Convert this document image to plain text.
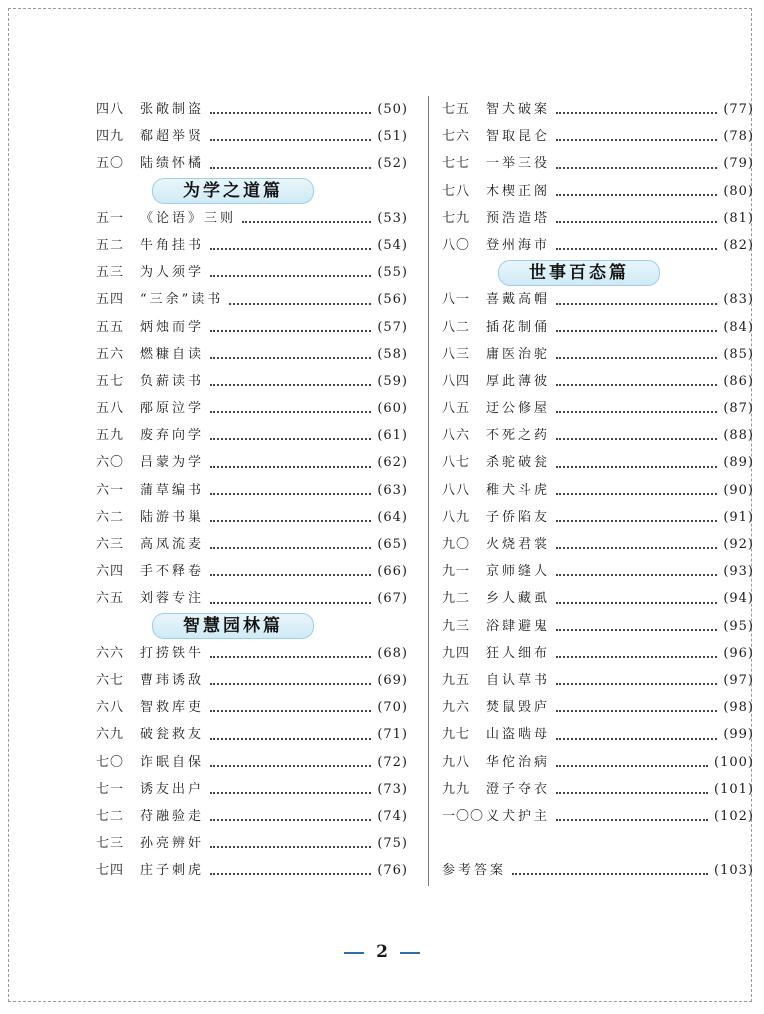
四八 张敞制盗	(50)
四九 郗超举贤	(51)
五〇 陆绩怀橘	(52)
为学之道篇
五一 《论语》三则	(53)
五二 牛角挂书	(54)
五三 为人须学	(55)
五四 “三余”读书	(56)
五五 炳烛而学	(57)
五六 燃糠自读	(58)
五七 负薪读书	(59)
五八 邴原泣学	(60)
五九 废弃向学	(61)
六〇 吕蒙为学	(62)
六一 蒲草编书	(63)
六二 陆游书巢	(64)
六三 高凤流麦	(65)
六四 手不释卷	(66)
六五 刘蓉专注	(67)
智慧园林篇
六六 打捞铁牛	(68)
六七 曹玮诱敌	(69)
六八 智救库吏	(70)
六九 破瓮救友	(71)
七〇 诈眠自保	(72)
七一 诱友出户	(73)
七二 苻融验走	(74)
七三 孙亮辨奸	(75)
七四 庄子刺虎	(76)
七五 智犬破案	(77)
七六 智取昆仑	(78)
七七 一举三役	(79)
七八 木楔正阁	(80)
七九 预浩造塔	(81)
八〇 登州海市	(82)
世事百态篇
八一 喜戴高帽	(83)
八二 插花制俑	(84)
八三 庸医治驼	(85)
八四 厚此薄彼	(86)
八五 迂公修屋	(87)
八六 不死之药	(88)
八七 杀驼破瓮	(89)
八八 稚犬斗虎	(90)
八九 子侨陷友	(91)
九〇 火烧君裳	(92)
九一 京师缝人	(93)
九二 乡人藏虱	(94)
九三 浴肆避鬼	(95)
九四 狂人细布	(96)
九五 自认草书	(97)
九六 焚鼠毁庐	(98)
九七 山盗啮母	(99)
九八 华佗治病	(100)
九九 澄子夺衣	(101)
一〇〇 义犬护主	(102)
参考答案	(103)
2
